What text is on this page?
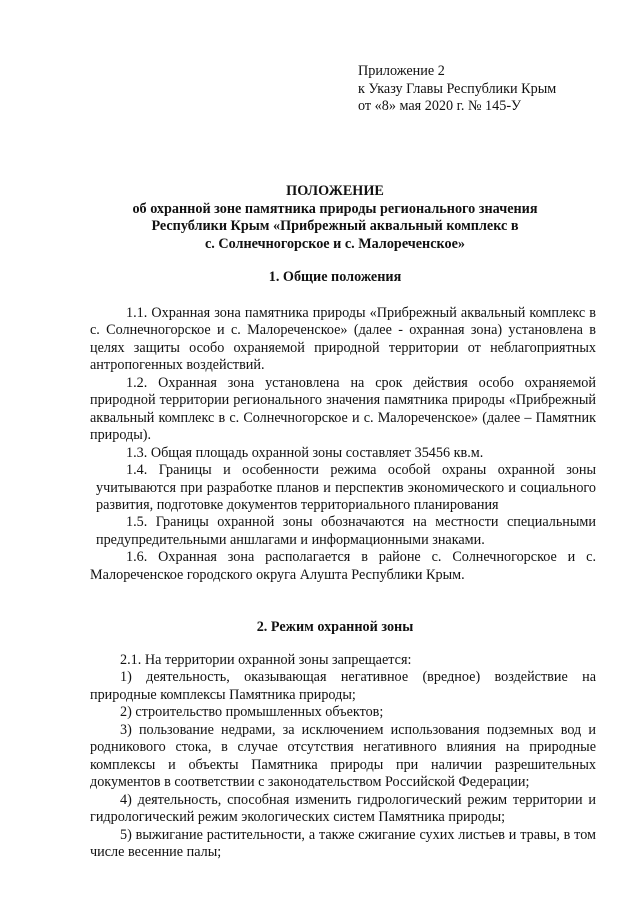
Приложение 2
к Указу Главы Республики Крым
от «8» мая 2020 г. № 145-У
ПОЛОЖЕНИЕ
об охранной зоне памятника природы регионального значения
Республики Крым «Прибрежный аквальный комплекс в
с. Солнечногорское и с. Малореченское»
1. Общие положения

1.1. Охранная зона памятника природы «Прибрежный аквальный комплекс в с. Солнечногорское и с. Малореченское» (далее - охранная зона) установлена в целях защиты особо охраняемой природной территории от неблагоприятных антропогенных воздействий.

1.2. Охранная зона установлена на срок действия особо охраняемой природной территории регионального значения памятника природы «Прибрежный аквальный комплекс в с. Солнечногорское и с. Малореченское» (далее – Памятник природы).

1.3. Общая площадь охранной зоны составляет 35456 кв.м.

1.4. Границы и особенности режима особой охраны охранной зоны учитываются при разработке планов и перспектив экономического и социального развития, подготовке документов территориального планирования

1.5. Границы охранной зоны обозначаются на местности специальными предупредительными аншлагами и информационными знаками.

1.6. Охранная зона располагается в районе с. Солнечногорское и с. Малореченское городского округа Алушта Республики Крым.

2. Режим охранной зоны

2.1. На территории охранной зоны запрещается:

1) деятельность, оказывающая негативное (вредное) воздействие на природные комплексы Памятника природы;

2) строительство промышленных объектов;

3) пользование недрами, за исключением использования подземных вод и родникового стока, в случае отсутствия негативного влияния на природные комплексы и объекты Памятника природы при наличии разрешительных документов в соответствии с законодательством Российской Федерации;

4) деятельность, способная изменить гидрологический режим территории и гидрологический режим экологических систем Памятника природы;

5) выжигание растительности, а также сжигание сухих листьев и травы, в том числе весенние палы;
